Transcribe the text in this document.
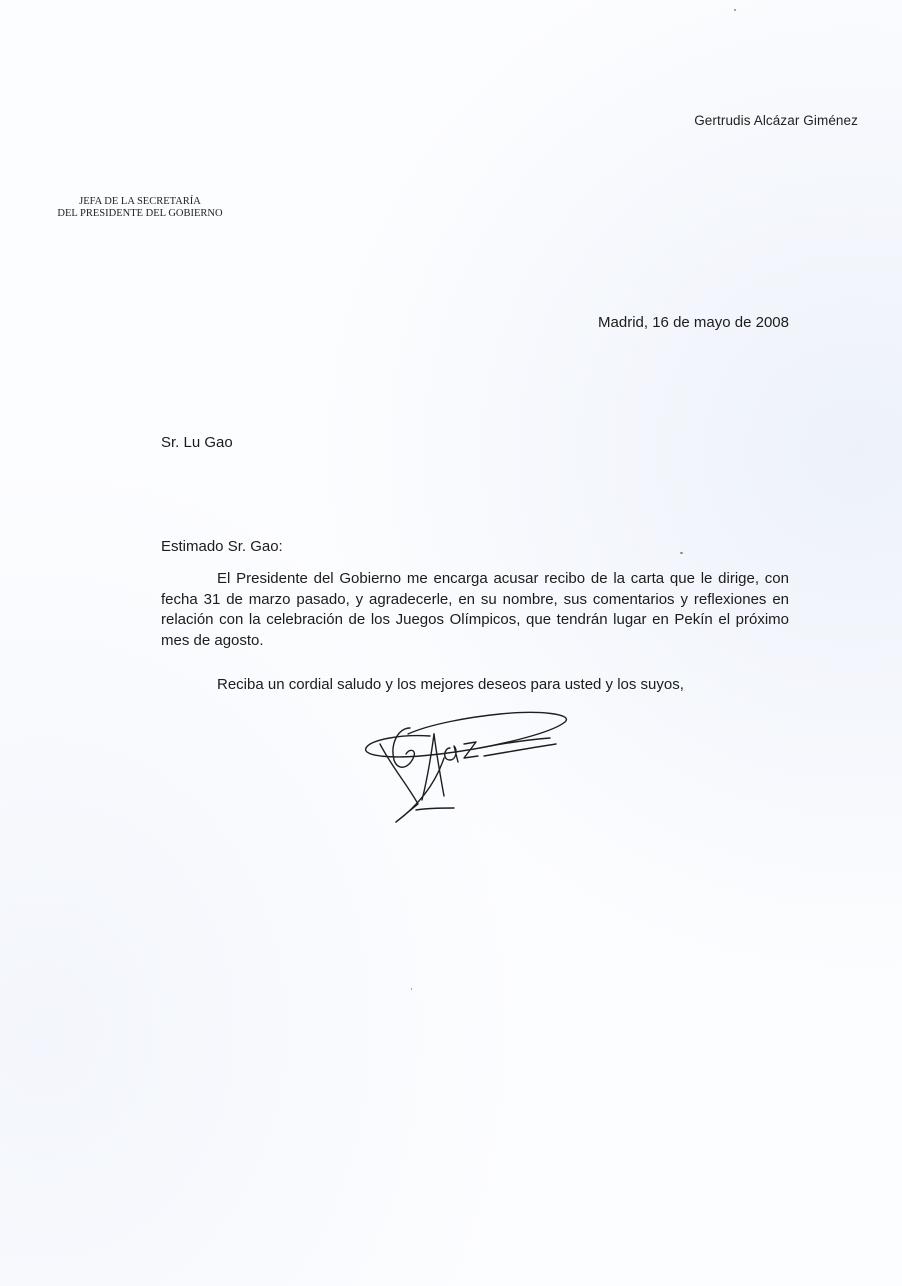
Gertrudis Alcázar Giménez
JEFA DE LA SECRETARÍA
DEL PRESIDENTE DEL GOBIERNO
Madrid, 16 de mayo de 2008
Sr. Lu Gao
Estimado Sr. Gao:

El Presidente del Gobierno me encarga acusar recibo de la carta que le dirige, con fecha 31 de marzo pasado, y agradecerle, en su nombre, sus comentarios y reflexiones en relación con la celebración de los Juegos Olímpicos, que tendrán lugar en Pekín el próximo mes de agosto.

Reciba un cordial saludo y los mejores deseos para usted y los suyos,
